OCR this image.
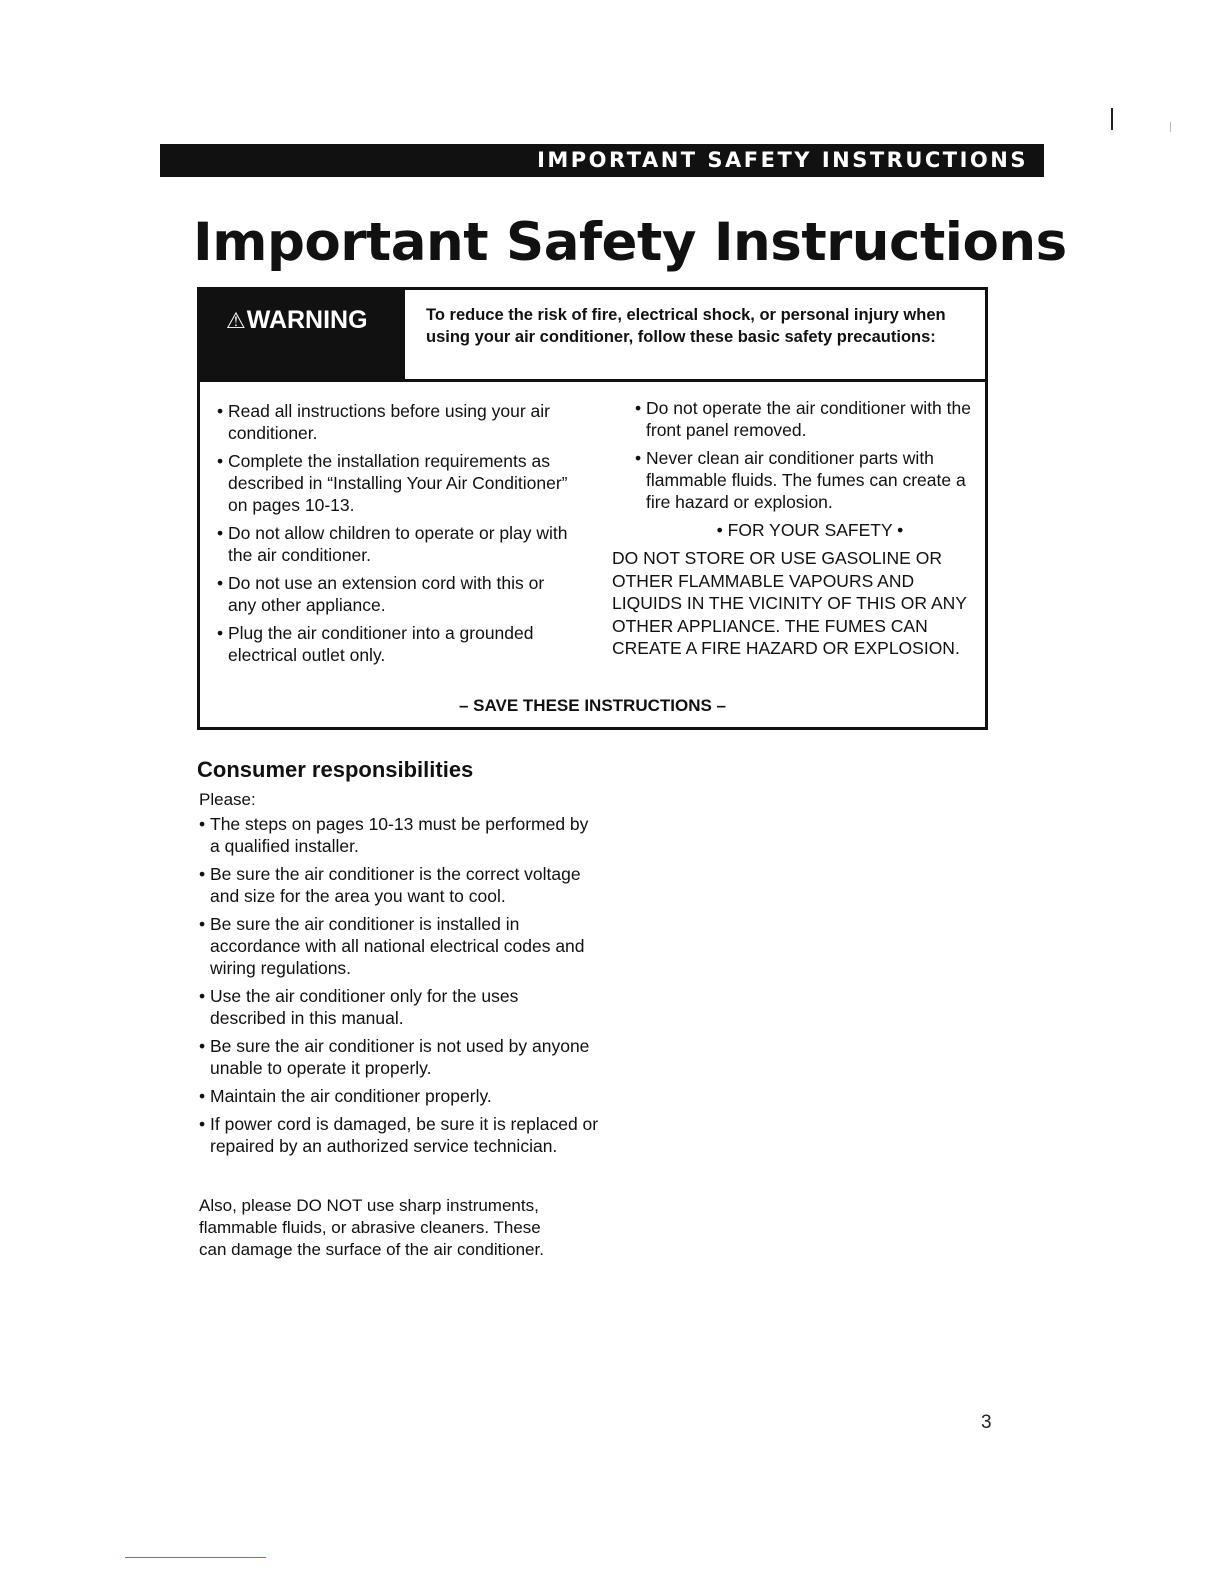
IMPORTANT SAFETY INSTRUCTIONS
Important Safety Instructions
⚠WARNING	To reduce the risk of fire, electrical shock, or personal injury when using your air conditioner, follow these basic safety precautions:
• Read all instructions before using your air conditioner.
• Complete the installation requirements as described in “Installing Your Air Conditioner” on pages 10-13.
• Do not allow children to operate or play with the air conditioner.
• Do not use an extension cord with this or any other appliance.
• Plug the air conditioner into a grounded electrical outlet only.
• Do not operate the air conditioner with the front panel removed.
• Never clean air conditioner parts with flammable fluids. The fumes can create a fire hazard or explosion.
• FOR YOUR SAFETY •
DO NOT STORE OR USE GASOLINE OR OTHER FLAMMABLE VAPOURS AND LIQUIDS IN THE VICINITY OF THIS OR ANY OTHER APPLIANCE. THE FUMES CAN CREATE A FIRE HAZARD OR EXPLOSION.
– SAVE THESE INSTRUCTIONS –
Consumer responsibilities
Please:
• The steps on pages 10-13 must be performed by a qualified installer.
• Be sure the air conditioner is the correct voltage and size for the area you want to cool.
• Be sure the air conditioner is installed in accordance with all national electrical codes and wiring regulations.
• Use the air conditioner only for the uses described in this manual.
• Be sure the air conditioner is not used by anyone unable to operate it properly.
• Maintain the air conditioner properly.
• If power cord is damaged, be sure it is replaced or repaired by an authorized service technician.
Also, please DO NOT use sharp instruments, flammable fluids, or abrasive cleaners. These can damage the surface of the air conditioner.
3
